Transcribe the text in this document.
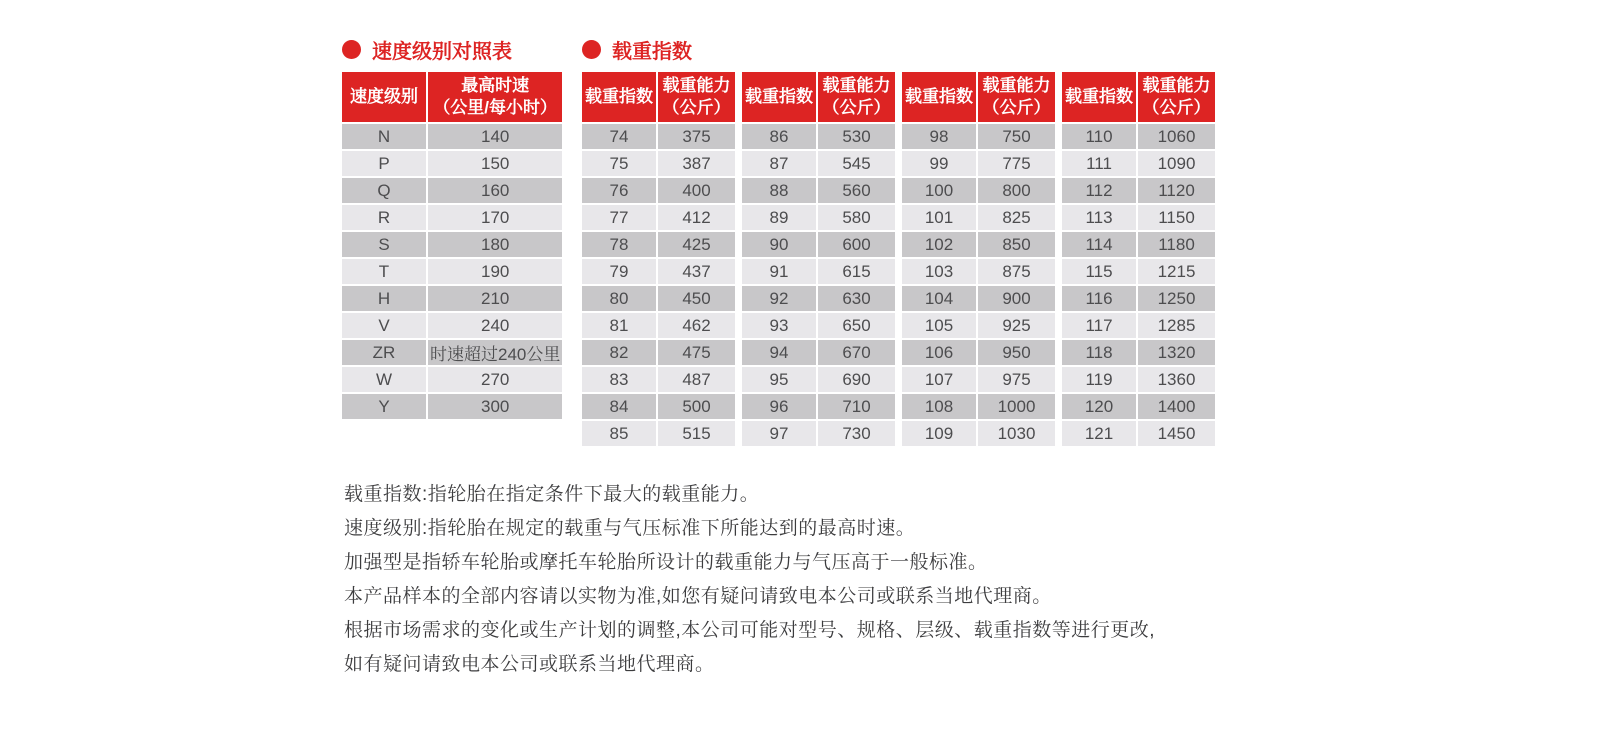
速度级别对照表
速度级别	最高时速
（公里/每小时）
N	140
P	150
Q	160
R	170
S	180
T	190
H	210
V	240
ZR	时速超过240公里
W	270
Y	300
载重指数
载重指数	载重能力
（公斤）
74	375
75	387
76	400
77	412
78	425
79	437
80	450
81	462
82	475
83	487
84	500
85	515
载重指数	载重能力
（公斤）
86	530
87	545
88	560
89	580
90	600
91	615
92	630
93	650
94	670
95	690
96	710
97	730
载重指数	载重能力
（公斤）
98	750
99	775
100	800
101	825
102	850
103	875
104	900
105	925
106	950
107	975
108	1000
109	1030
载重指数	载重能力
（公斤）
110	1060
111	1090
112	1120
113	1150
114	1180
115	1215
116	1250
117	1285
118	1320
119	1360
120	1400
121	1450

载重指数:指轮胎在指定条件下最大的载重能力。

速度级别:指轮胎在规定的载重与气压标准下所能达到的最高时速。

加强型是指轿车轮胎或摩托车轮胎所设计的载重能力与气压高于一般标准。

本产品样本的全部内容请以实物为准,如您有疑问请致电本公司或联系当地代理商。

根据市场需求的变化或生产计划的调整,本公司可能对型号、规格、层级、载重指数等进行更改,

如有疑问请致电本公司或联系当地代理商。
